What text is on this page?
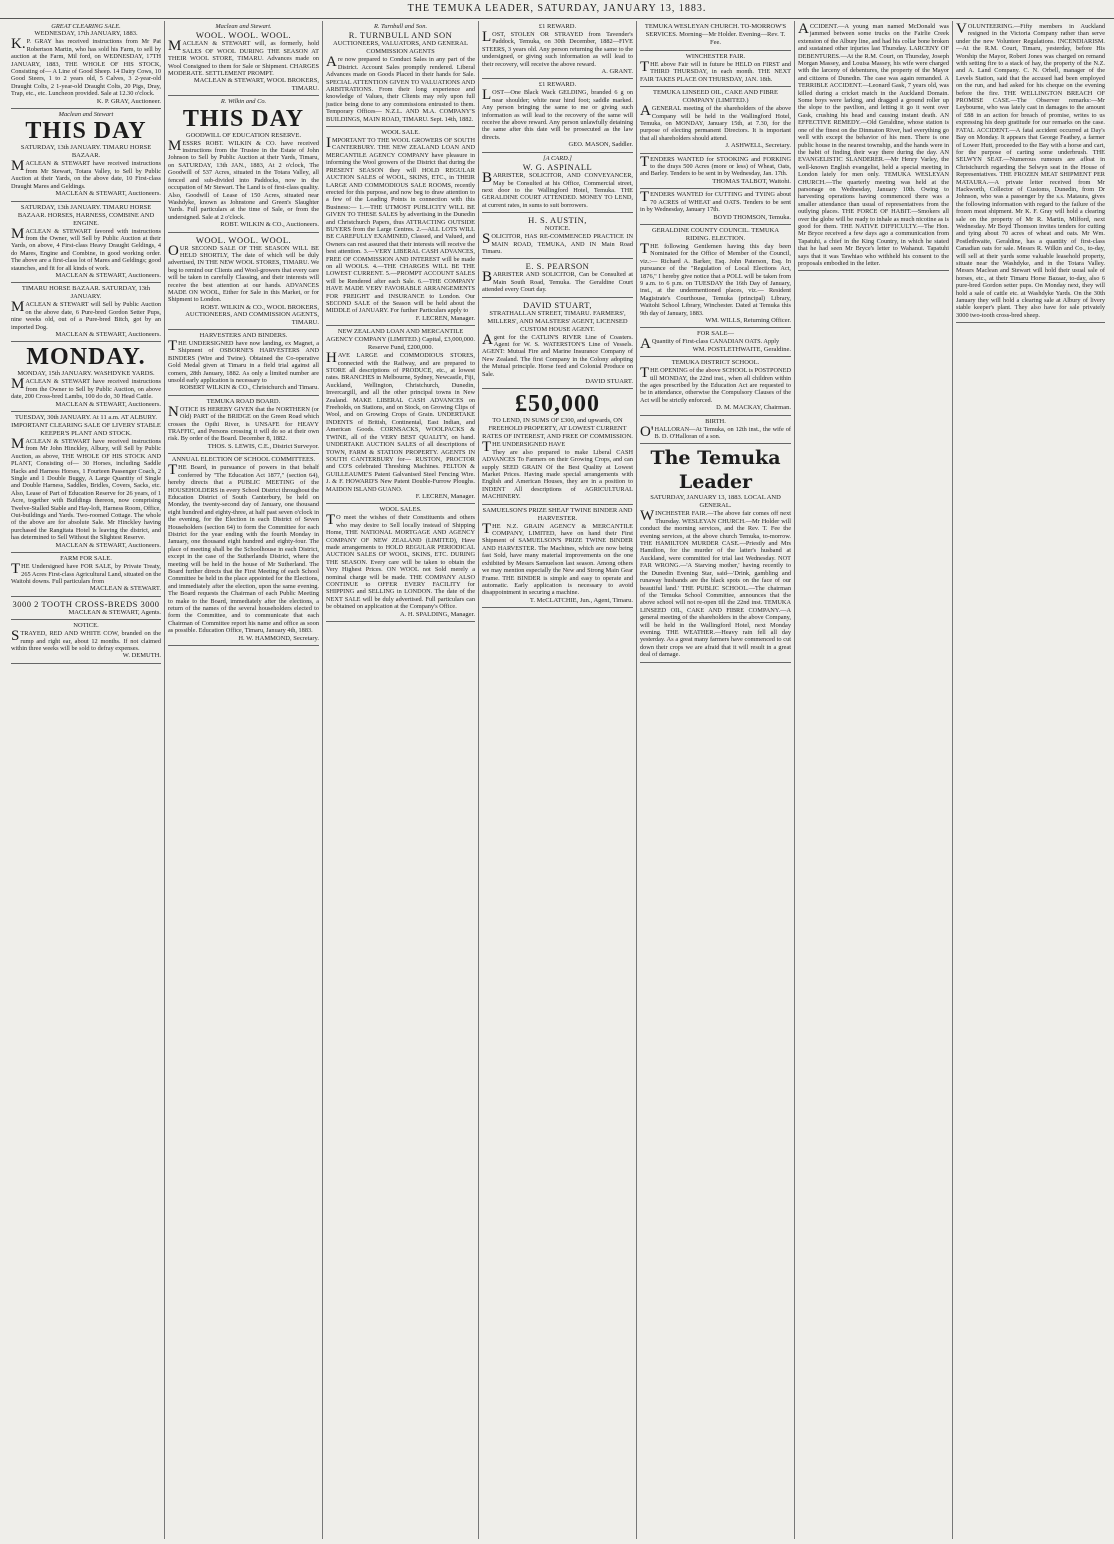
THE TEMUKA LEADER, SATURDAY, JANUARY 13, 1883.

GREAT CLEARING SALE.

WEDNESDAY, 17th JANUARY, 1883.

K.P. GRAY has received instructions from Mr Pat Robertson Martin, who has sold his Farm, to sell by auction at the Farm, Mil ford, on WEDNESDAY, 17TH JANUARY, 1883, THE WHOLE OF HIS STOCK, Consisting of— A Line of Good Sheep. 14 Dairy Cows, 10 Good Steers, 1 to 2 years old, 5 Calves, 3 2-year-old Draught Colts, 2 1-year-old Draught Colts, 20 Pigs, Dray, Trap, etc., etc. Luncheon provided. Sale at 12.30 o'clock.

K. P. GRAY, Auctioneer.

Maclean and Stewart

THIS DAY

SATURDAY, 13th JANUARY. TIMARU HORSE BAZAAR.

MACLEAN & STEWART have received instructions from Mr Stewart, Totara Valley, to Sell by Public Auction at their Yards, on the above date, 10 First-class Draught Mares and Geldings.

MACLEAN & STEWART, Auctioneers.

SATURDAY, 13th JANUARY. TIMARU HORSE BAZAAR. HORSES, HARNESS, COMBINE AND ENGINE.

MACLEAN & STEWART favored with instructions from the Owner, will Sell by Public Auction at their Yards, on above, 4 First-class Heavy Draught Geldings, 4 do Mares, Engine and Combine, in good working order. The above are a first-class lot of Mares and Geldings; good staunches, and fit for all kinds of work.

MACLEAN & STEWART, Auctioneers.

TIMARU HORSE BAZAAR. SATURDAY, 13th JANUARY.

MACLEAN & STEWART will Sell by Public Auction on the above date, 6 Pure-bred Gordon Setter Pups, nine weeks old, out of a Pure-bred Bitch, got by an imported Dog.

MACLEAN & STEWART, Auctioneers.

MONDAY.

MONDAY, 15th JANUARY. WASHDYKE YARDS.

MACLEAN & STEWART have received instructions from the Owner to Sell by Public Auction, on above date, 200 Cross-bred Lambs, 100 do do, 30 Head Cattle.

MACLEAN & STEWART, Auctioneers.

TUESDAY, 30th JANUARY. At 11 a.m. AT ALBURY. IMPORTANT CLEARING SALE OF LIVERY STABLE KEEPER'S PLANT AND STOCK.

MACLEAN & STEWART have received instructions from Mr John Hinckley, Albury, will Sell by Public Auction, as above, THE WHOLE OF HIS STOCK AND PLANT, Consisting of— 30 Horses, including Saddle Hacks and Harness Horses, 1 Fourteen Passenger Coach, 2 Single and 1 Double Buggy, A Large Quantity of Single and Double Harness, Saddles, Bridles, Covers, Sacks, etc. Also, Lease of Part of Education Reserve for 26 years, of 1 Acre, together with Buildings thereon, now comprising Twelve-Stalled Stable and Hay-loft, Harness Room, Office, Out-buildings and Yards. Two-roomed Cottage. The whole of the above are for absolute Sale. Mr Hinckley having purchased the Rangitata Hotel is leaving the district, and has determined to Sell Without the Slightest Reserve.

MACLEAN & STEWART, Auctioneers.

FARM FOR SALE.

THE Undersigned have FOR SALE, by Private Treaty, 265 Acres First-class Agricultural Land, situated on the Waitohi downs. Full particulars from

MACLEAN & STEWART.

3000 2 TOOTH CROSS-BREDS 3000

MACLEAN & STEWART, Agents.

NOTICE.

STRAYED, RED AND WHITE COW, branded on the rump and right ear, about 12 months. If not claimed within three weeks will be sold to defray expenses.

W. DEMUTH.

Maclean and Stewart.

WOOL. WOOL. WOOL.

MACLEAN & STEWART will, as formerly, hold SALES OF WOOL DURING THE SEASON AT THEIR WOOL STORE, TIMARU. Advances made on Wool Consigned to them for Sale or Shipment. CHARGES MODERATE. SETTLEMENT PROMPT.

MACLEAN & STEWART, WOOL BROKERS, TIMARU.

R. Wilkin and Co.

THIS DAY

GOODWILL OF EDUCATION RESERVE.

MESSRS ROBT. WILKIN & CO. have received instructions from the Trustee in the Estate of John Johnson to Sell by Public Auction at their Yards, Timaru, on SATURDAY, 13th JAN., 1883, At 2 o'clock, The Goodwill of 537 Acres, situated in the Totara Valley, all fenced and sub-divided into Paddocks, now in the occupation of Mr Stewart. The Land is of first-class quality. Also, Goodwill of Lease of 150 Acres, situated near Washdyke, known as Johnstone and Green's Slaughter Yards. Full particulars at the time of Sale, or from the undersigned. Sale at 2 o'clock.

ROBT. WILKIN & CO., Auctioneers.

WOOL. WOOL. WOOL.

OUR SECOND SALE OF THE SEASON WILL BE HELD SHORTLY, The date of which will be duly advertised, IN THE NEW WOOL STORES, TIMARU. We beg to remind our Clients and Wool-growers that every care will be taken in carefully Classing, and their interests will receive the best attention at our hands. ADVANCES MADE ON WOOL, Either for Sale in this Market, or for Shipment to London.

ROBT. WILKIN & CO., WOOL BROKERS, AUCTIONEERS, AND COMMISSION AGENTS, TIMARU.

HARVESTERS AND BINDERS.

THE UNDERSIGNED have now landing, ex Magnet, a Shipment of OSBORNE'S HARVESTERS AND BINDERS (Wire and Twine). Obtained the Co-operative Gold Medal given at Timaru in a field trial against all comers, 28th January, 1882. As only a limited number are unsold early application is necessary to

ROBERT WILKIN & CO., Christchurch and Timaru.

TEMUKA ROAD BOARD.

NOTICE IS HEREBY GIVEN that the NORTHERN (or Old) PART of the BRIDGE on the Green Road which crosses the Opihi River, is UNSAFE for HEAVY TRAFFIC, and Persons crossing it will do so at their own risk. By order of the Board. December 8, 1882.

THOS. S. LEWIS, C.E., District Surveyor.

ANNUAL ELECTION OF SCHOOL COMMITTEES.

THE Board, in pursuance of powers in that behalf conferred by "The Education Act 1877," (section 64), hereby directs that a PUBLIC MEETING of the HOUSEHOLDERS in every School District throughout the Education District of South Canterbury, be held on Monday, the twenty-second day of January, one thousand eight hundred and eighty-three, at half past seven o'clock in the evening, for the Election in each District of Seven Householders (section 64) to form the Committee for each District for the year ending with the fourth Monday in January, one thousand eight hundred and eighty-four. The place of meeting shall be the Schoolhouse in each District, except in the case of the Sutherlands District, where the meeting will be held in the house of Mr Sutherland. The Board further directs that the First Meeting of each School Committee be held in the place appointed for the Elections, and immediately after the election, upon the same evening. The Board requests the Chairman of each Public Meeting to make to the Board, immediately after the elections, a return of the names of the several householders elected to form the Committee, and to communicate that each Chairman of Committee report his name and office as soon as possible. Education Office, Timaru, January 4th, 1883.

H. W. HAMMOND, Secretary.

R. Turnbull and Son.

R. TURNBULL AND SON

AUCTIONEERS, VALUATORS, AND GENERAL COMMISSION AGENTS

Are now prepared to Conduct Sales in any part of the District. Account Sales promptly rendered. Liberal Advances made on Goods Placed in their hands for Sale. SPECIAL ATTENTION GIVEN TO VALUATIONS AND ARBITRATIONS. From their long experience and knowledge of Values, their Clients may rely upon full justice being done to any commissions entrusted to them. Temporary Offices— N.Z.L. AND M.A. COMPANY'S BUILDINGS, MAIN ROAD, TIMARU. Sept. 14th, 1882.

WOOL SALE.

IMPORTANT TO THE WOOL GROWERS OF SOUTH CANTERBURY. THE NEW ZEALAND LOAN AND MERCANTILE AGENCY COMPANY have pleasure in informing the Wool growers of the District that during the PRESENT SEASON they will HOLD REGULAR AUCTION SALES of WOOL, SKINS, ETC., in THEIR LARGE AND COMMODIOUS SALE ROOMS, recently erected for this purpose, and now beg to draw attention to a few of the Leading Points in connection with this Business:— 1.—THE UTMOST PUBLICITY WILL BE GIVEN TO THESE SALES by advertising in the Dunedin and Christchurch Papers, thus ATTRACTING OUTSIDE BUYERS from the Large Centres. 2.—ALL LOTS WILL BE CAREFULLY EXAMINED, Classed, and Valued, and Owners can rest assured that their interests will receive the best attention. 3.—VERY LIBERAL CASH ADVANCES, FREE OF COMMISSION AND INTEREST will be made on all WOOLS. 4.—THE CHARGES WILL BE THE LOWEST CURRENT. 5.—PROMPT ACCOUNT SALES will be Rendered after each Sale. 6.—THE COMPANY HAVE MADE VERY FAVORABLE ARRANGEMENTS FOR FREIGHT and INSURANCE to London. Our SECOND SALE of the Season will be held about the MIDDLE of JANUARY. For further Particulars apply to

F. LECREN, Manager.

NEW ZEALAND LOAN AND MERCANTILE AGENCY COMPANY (LIMITED.) Capital, £3,000,000. Reserve Fund, £200,000.

HAVE LARGE and COMMODIOUS STORES, connected with the Railway, and are prepared to STORE all descriptions of PRODUCE, etc., at lowest rates. BRANCHES in Melbourne, Sydney, Newcastle, Fiji, Auckland, Wellington, Christchurch, Dunedin, Invercargill, and all the other principal towns in New Zealand. MAKE LIBERAL CASH ADVANCES on Freeholds, on Stations, and on Stock, on Growing Clips of Wool, and on Growing Crops of Grain. UNDERTAKE INDENTS of British, Continental, East Indian, and American Goods. CORNSACKS, WOOLPACKS & TWINE, all of the VERY BEST QUALITY, on hand. UNDERTAKE AUCTION SALES of all descriptions of TOWN, FARM & STATION PROPERTY. AGENTS IN SOUTH CANTERBURY for— RUSTON, PROCTOR and CO'S celebrated Threshing Machines. FELTON & GUILLEAUME'S Patent Galvanised Steel Fencing Wire. J. & F. HOWARD'S New Patent Double-Furrow Ploughs. MAIDON ISLAND GUANO.

F. LECREN, Manager.

WOOL SALES.

TO meet the wishes of their Constituents and others who may desire to Sell locally instead of Shipping Home, THE NATIONAL MORTGAGE AND AGENCY COMPANY OF NEW ZEALAND (LIMITED), Have made arrangements to HOLD REGULAR PERIODICAL AUCTION SALES OF WOOL, SKINS, ETC. DURING THE SEASON. Every care will be taken to obtain the Very Highest Prices. ON WOOL not Sold merely a nominal charge will be made. THE COMPANY ALSO CONTINUE to OFFER EVERY FACILITY for SHIPPING and SELLING in LONDON. The date of the NEXT SALE will be duly advertised. Full particulars can be obtained on application at the Company's Office.

A. H. SPALDING, Manager.

£1 REWARD.

LOST, STOLEN OR STRAYED from Tavender's Paddock, Temuka, on 30th December, 1882—FIVE STEERS, 3 years old. Any person returning the same to the undersigned, or giving such information as will lead to their recovery, will receive the above reward.

A. GRANT.

£1 REWARD.

LOST—One Black Wack GELDING, branded 6 g on near shoulder; white near hind foot; saddle marked. Any person bringing the same to me or giving such information as will lead to the recovery of the same will receive the above reward. Any person unlawfully detaining the same after this date will be prosecuted as the law directs.

GEO. MASON, Saddler.

[A CARD.]

W. G. ASPINALL

BARRISTER, SOLICITOR, AND CONVEYANCER, May be Consulted at his Office, Commercial street, next door to the Wallingford Hotel, Temuka. THE GERALDINE COURT ATTENDED. MONEY TO LEND, at current rates, in sums to suit borrowers.

H. S. AUSTIN,

NOTICE.

SOLICITOR, HAS RE-COMMENCED PRACTICE IN MAIN ROAD, TEMUKA, AND IN Main Road Timaru.

E. S. PEARSON

BARRISTER AND SOLICITOR, Can be Consulted at Main South Road, Temuka. The Geraldine Court attended every Court day.

DAVID STUART,

STRATHALLAN STREET, TIMARU. FARMERS', MILLERS', AND MALSTERS' AGENT, LICENSED CUSTOM HOUSE AGENT.

Agent for the CATLIN'S RIVER Line of Coasters. Agent for W. S. WATERSTON'S Line of Vessels. AGENT: Mutual Fire and Marine Insurance Company of New Zealand. The first Company in the Colony adopting the Mutual principle. Horse feed and Colonial Produce on Sale.

DAVID STUART.

£50,000

TO LEND, IN SUMS OF £300, and upwards, ON FREEHOLD PROPERTY, AT LOWEST CURRENT RATES OF INTEREST, AND FREE OF COMMISSION.

THE UNDERSIGNED HAVE

They are also prepared to make Liberal CASH ADVANCES To Farmers on their Growing Crops, and can supply SEED GRAIN Of the Best Quality at Lowest Market Prices. Having made special arrangements with English and American Houses, they are in a position to INDENT All descriptions of AGRICULTURAL MACHINERY.

SAMUELSON'S PRIZE SHEAF TWINE BINDER AND HARVESTER.

THE N.Z. GRAIN AGENCY & MERCANTILE COMPANY, LIMITED, have on hand their First Shipment of SAMUELSON'S PRIZE TWINE BINDER AND HARVESTER. The Machines, which are now being fast Sold, have many material improvements on the one exhibited by Messrs Samuelson last season. Among others we may mention especially the New and Strong Main Gear Frame. THE BINDER is simple and easy to operate and automatic. Early application is necessary to avoid disappointment in securing a machine.

T. McCLATCHIE, Jun., Agent, Timaru.

TEMUKA WESLEYAN CHURCH. TO-MORROW'S SERVICES. Morning—Mr Holder. Evening—Rev. T. Fee.

WINCHESTER FAIR.

THE above Fair will in future be HELD on FIRST and THIRD THURSDAY, in each month. THE NEXT FAIR TAKES PLACE ON THURSDAY, JAN. 18th.

TEMUKA LINSEED OIL, CAKE AND FIBRE COMPANY (LIMITED.)

AGENERAL meeting of the shareholders of the above Company will be held in the Wallingford Hotel, Temuka, on MONDAY, January 15th, at 7.30, for the purpose of electing permanent Directors. It is important that all shareholders should attend.

J. ASHWELL, Secretary.

TENDERS WANTED for STOOKING and FORKING to the drays 500 Acres (more or less) of Wheat, Oats, and Barley. Tenders to be sent in by Wednesday, Jan. 17th.

THOMAS TALBOT, Waitohi.

TENDERS WANTED for CUTTING and TYING about 70 ACRES of WHEAT and OATS. Tenders to be sent in by Wednesday, January 17th.

BOYD THOMSON, Temuka.

GERALDINE COUNTY COUNCIL. TEMUKA RIDING. ELECTION.

THE following Gentlemen having this day been Nominated for the Office of Member of the Council, viz.:— Richard A. Barker, Esq. John Paterson, Esq. In pursuance of the "Regulation of Local Elections Act, 1876," I hereby give notice that a POLL will be taken from 9 a.m. to 6 p.m. on TUESDAY the 16th Day of January, inst., at the undermentioned places, viz.— Resident Magistrate's Courthouse, Temuka (principal) Library, Waitohi School Library, Winchester. Dated at Temuka this 9th day of January, 1883.

WM. WILLS, Returning Officer.

FOR SALE—

AQuantity of First-class CANADIAN OATS. Apply

WM. POSTLETHWAITE, Geraldine.

TEMUKA DISTRICT SCHOOL.

THE OPENING of the above SCHOOL is POSTPONED till MONDAY, the 22nd inst., when all children within the ages prescribed by the Education Act are requested to be in attendance, otherwise the Compulsory Clauses of the Act will be strictly enforced.

D. M. MACKAY, Chairman.

BIRTH.

O'HALLORAN—At Temuka, on 12th inst., the wife of B. D. O'Halloran of a son.

The Temuka Leader

SATURDAY, JANUARY 13, 1883. LOCAL AND GENERAL.

WINCHESTER FAIR.—The above fair comes off next Thursday. WESLEYAN CHURCH.—Mr Holder will conduct the morning services, and the Rev. T. Fee the evening services, at the above church Temuka, to-morrow. THE HAMILTON MURDER CASE.—Priestly and Mrs Hamilton, for the murder of the latter's husband at Auckland, were committed for trial last Wednesday. NOT FAR WRONG.—'A Starving mother,' having recently to the Dunedin Evening Star, said—'Drink, gambling and runaway husbands are the black spots on the face of our beautiful land.' THE PUBLIC SCHOOL.—The chairman of the Temuka School Committee, announces that the above school will not re-open till the 22nd inst. TEMUKA LINSEED OIL, CAKE AND FIBRE COMPANY.—A general meeting of the shareholders in the above Company, will be held in the Wallingford Hotel, next Monday evening. THE WEATHER.—Heavy rain fell all day yesterday. As a great many farmers have commenced to cut down their crops we are afraid that it will result in a great deal of damage.

ACCIDENT.—A young man named McDonald was jammed between some trucks on the Fairlie Creek extension of the Albury line, and had his collar bone broken and sustained other injuries last Thursday. LARCENY OF DEBENTURES.—At the R.M. Court, on Thursday, Joseph Morgan Massey, and Louisa Massey, his wife were charged with the larceny of debentures, the property of the Mayor and citizens of Dunedin. The case was again remanded. A TERRIBLE ACCIDENT.—Leonard Gask, 7 years old, was killed during a cricket match in the Auckland Domain. Some boys were larking, and dragged a ground roller up the slope to the pavilion, and letting it go it went over Gask, crushing his head and causing instant death. AN EFFECTIVE REMEDY.—Old Geraldine, whose station is one of the finest on the Dinmaton River, had everything go well with except the behavior of his men. There is one public house in the nearest township, and the hands were in the habit of finding their way there during the day. AN EVANGELISTIC SLANDERER.—Mr Henry Varley, the well-known English evangelist, held a special meeting in London lately for men only. TEMUKA WESLEYAN CHURCH.—The quarterly meeting was held at the parsonage on Wednesday, January 10th. Owing to harvesting operations having commenced there was a smaller attendance than usual of representatives from the outlying places. THE FORCE OF HABIT.—Smokers all over the globe will be ready to inhale as much nicotine as is good for them. THE NATIVE DIFFICULTY.—The Hon. Mr Bryce received a few days ago a communication from Tapatuhi, a chief in the King Country, in which he stated that he had seen Mr Bryce's letter to Wahanui. Tapatuhi says that it was Tawhiao who withheld his consent to the proposals embodied in the letter.

VOLUNTEERING.—Fifty members in Auckland resigned in the Victoria Company rather than serve under the new Volunteer Regulations. INCENDIARISM.—At the R.M. Court, Timaru, yesterday, before His Worship the Mayor, Robert Jones was charged on remand with setting fire to a stack of hay, the property of the N.Z. and A. Land Company. C. N. Orbell, manager of the Levels Station, said that the accused had been employed on the run, and had asked for his cheque on the evening before the fire. THE WELLINGTON BREACH OF PROMISE CASE.—The Observer remarks:—Mr Leybourne, who was lately cast in damages to the amount of £88 in an action for breach of promise, writes to us expressing his deep gratitude for our remarks on the case. FATAL ACCIDENT.—A fatal accident occurred at Day's Bay on Monday. It appears that George Feathey, a farmer of Lower Hutt, proceeded to the Bay with a horse and cart, for the purpose of carting some underbrush. THE SELWYN SEAT.—Numerous rumours are afloat in Christchurch regarding the Selwyn seat in the House of Representatives. THE FROZEN MEAT SHIPMENT PER MATAURA.—A private letter received from Mr Hackworth, Collector of Customs, Dunedin, from Dr Johnson, who was a passenger by the s.s. Mataura, gives the following information with regard to the failure of the frozen meat shipment. Mr K. F. Gray will hold a clearing sale on the property of Mr R. Martin, Milford, next Wednesday. Mr Boyd Thomson invites tenders for cutting and tying about 70 acres of wheat and oats. Mr Wm. Postlethwaite, Geraldine, has a quantity of first-class Canadian oats for sale. Messrs R. Wilkin and Co., to-day, will sell at their yards some valuable leasehold property, situate near the Washdyke, and in the Totara Valley. Messrs Maclean and Stewart will hold their usual sale of horses, etc., at their Timaru Horse Bazaar, to-day, also 6 pure-bred Gordon setter pups. On Monday next, they will hold a sale of cattle etc. at Washdyke Yards. On the 30th January they will hold a clearing sale at Albury of livery stable keeper's plant. They also have for sale privately 3000 two-tooth cross-bred sheep.
